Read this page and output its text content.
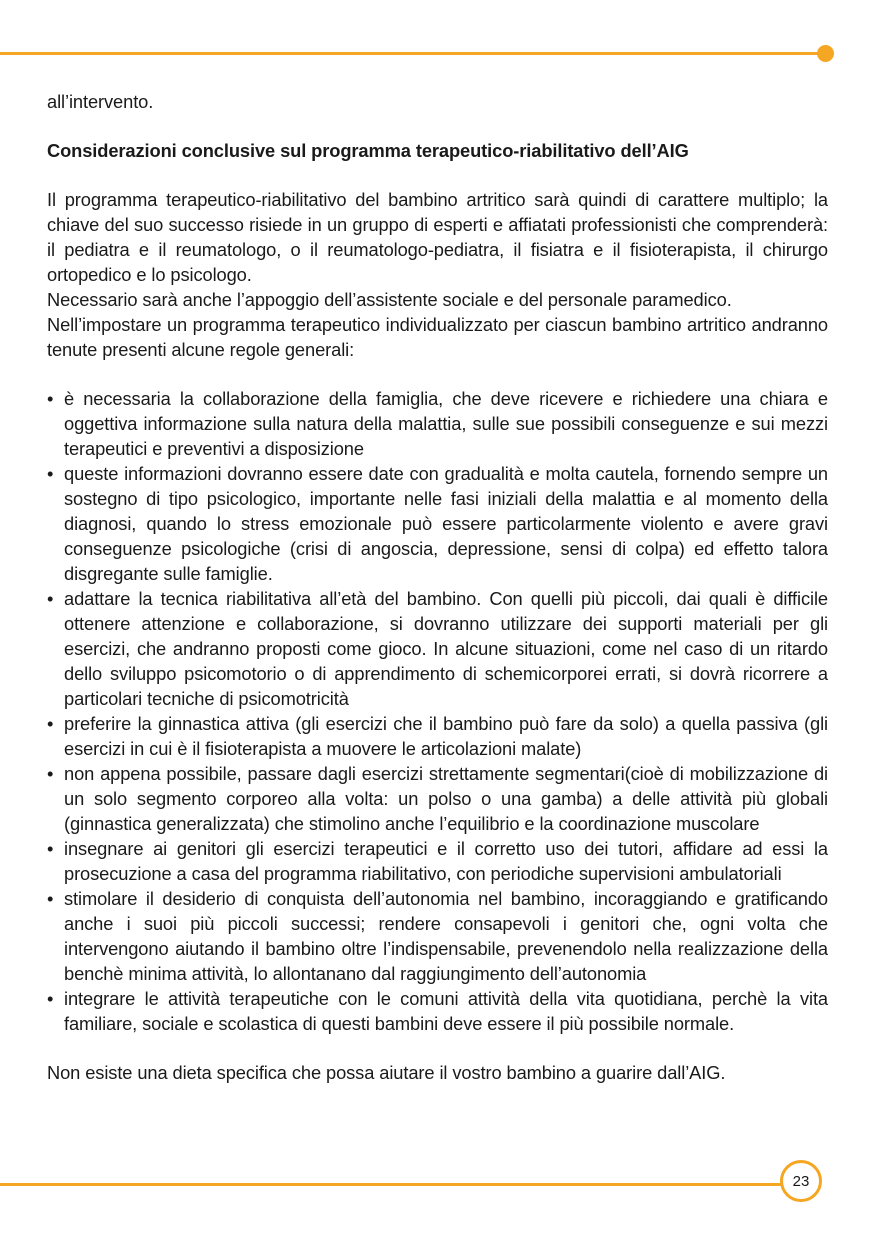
all’intervento.

Considerazioni conclusive sul programma terapeutico-riabilitativo dell’AIG

Il programma terapeutico-riabilitativo del bambino artritico sarà quindi di carattere multiplo; la chiave del suo successo risiede in un gruppo di esperti e affiatati professionisti che comprenderà: il pediatra e il reumatologo, o il reumatologo-pediatra, il fisiatra e il fisioterapista, il chirurgo ortopedico e lo psicologo.

Necessario sarà anche l’appoggio dell’assistente sociale e del personale paramedico.

Nell’impostare un programma terapeutico individualizzato per ciascun bambino artritico andranno tenute presenti alcune regole generali:

• è necessaria la collaborazione della famiglia, che deve ricevere e richiedere una chiara e oggettiva informazione sulla natura della malattia, sulle sue possibili conseguenze e sui mezzi terapeutici e preventivi a disposizione
• queste informazioni dovranno essere date con gradualità e molta cautela, fornendo sempre un sostegno di tipo psicologico, importante nelle fasi iniziali della malattia e al momento della diagnosi, quando lo stress emozionale può essere particolarmente violento e avere gravi conseguenze psicologiche (crisi di angoscia, depressione, sensi di colpa) ed effetto talora disgregante sulle famiglie.
• adattare la tecnica riabilitativa all’età del bambino. Con quelli più piccoli, dai quali è difficile ottenere attenzione e collaborazione, si dovranno utilizzare dei supporti materiali per gli esercizi, che andranno proposti come gioco. In alcune situazioni, come nel caso di un ritardo dello sviluppo psicomotorio o di apprendimento di schemicorporei errati, si dovrà ricorrere a particolari tecniche di psicomotricità
• preferire la ginnastica attiva (gli esercizi che il bambino può fare da solo) a quella passiva (gli esercizi in cui è il fisioterapista a muovere le articolazioni malate)
• non appena possibile, passare dagli esercizi strettamente segmentari(cioè di mobilizzazione di un solo segmento corporeo alla volta: un polso o una gamba) a delle attività più globali (ginnastica generalizzata) che stimolino anche l’equilibrio e la coordinazione muscolare
• insegnare ai genitori gli esercizi terapeutici e il corretto uso dei tutori, affidare ad essi la prosecuzione a casa del programma riabilitativo, con periodiche supervisioni ambulatoriali
• stimolare il desiderio di conquista dell’autonomia nel bambino, incoraggiando e gratificando anche i suoi più piccoli successi; rendere consapevoli i genitori che, ogni volta che intervengono aiutando il bambino oltre l’indispensabile, prevenendolo nella realizzazione della benchè minima attività, lo allontanano dal raggiungimento dell’autonomia
• integrare le attività terapeutiche con le comuni attività della vita quotidiana, perchè la vita familiare, sociale e scolastica di questi bambini deve essere il più possibile normale.

Non esiste una dieta specifica che possa aiutare il vostro bambino a guarire dall’AIG.

23
